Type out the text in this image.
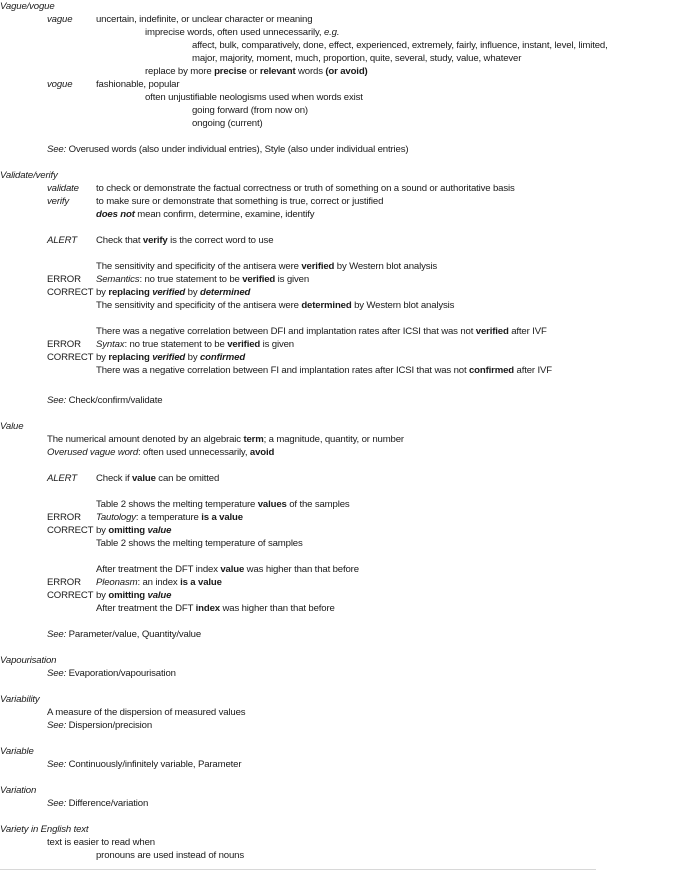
Vague/vogue
vague uncertain, indefinite, or unclear character or meaning
imprecise words, often used unnecessarily, e.g.
affect, bulk, comparatively, done, effect, experienced, extremely, fairly, influence, instant, level, limited,
major, majority, moment, much, proportion, quite, several, study, value, whatever
replace by more precise or relevant words (or avoid)
vogue fashionable, popular
often unjustifiable neologisms used when words exist
going forward (from now on)
ongoing (current)
See: Overused words (also under individual entries), Style (also under individual entries)
Validate/verify
validate to check or demonstrate the factual correctness or truth of something on a sound or authoritative basis
verify	to make sure or demonstrate that something is true, correct or justified
does not mean confirm, determine, examine, identify
ALERT Check that verify is the correct word to use
The sensitivity and specificity of the antisera were verified by Western blot analysis
ERROR Semantics: no true statement to be verified is given
CORRECT by replacing verified by determined
The sensitivity and specificity of the antisera were determined by Western blot analysis
There was a negative correlation between DFI and implantation rates after ICSI that was not verified after IVF
ERROR Syntax: no true statement to be verified is given
CORRECT by replacing verified by confirmed
There was a negative correlation between FI and implantation rates after ICSI that was not confirmed after IVF
See: Check/confirm/validate
Value
The numerical amount denoted by an algebraic term; a magnitude, quantity, or number
Overused vague word: often used unnecessarily, avoid
ALERT Check if value can be omitted
Table 2 shows the melting temperature values of the samples
ERROR Tautology: a temperature is a value
CORRECT by omitting value
Table 2 shows the melting temperature of samples
After treatment the DFT index value was higher than that before
ERROR Pleonasm: an index is a value
CORRECT by omitting value
After treatment the DFT index was higher than that before
See: Parameter/value, Quantity/value
Vapourisation
See: Evaporation/vapourisation
Variability
A measure of the dispersion of measured values
See: Dispersion/precision
Variable
See: Continuously/infinitely variable, Parameter
Variation
See: Difference/variation
Variety in English text
text is easier to read when
pronouns are used instead of nouns
